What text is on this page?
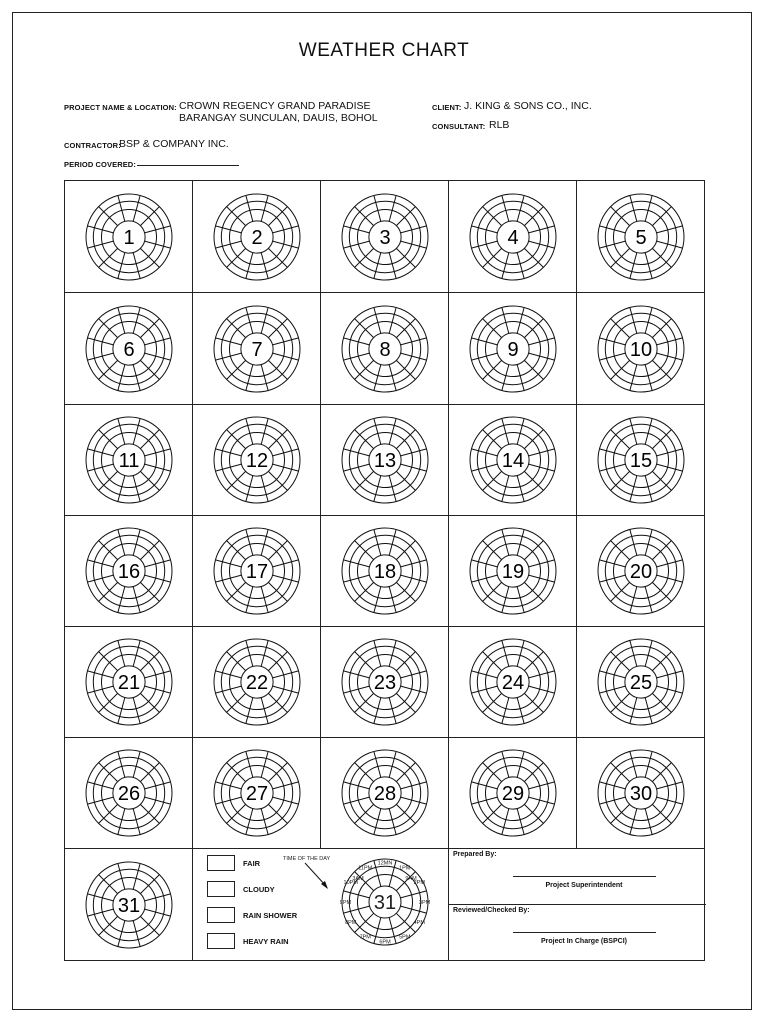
WEATHER CHART
PROJECT NAME & LOCATION: CROWN REGENCY GRAND PARADISE
BARANGAY SUNCULAN, DAUIS, BOHOL
CLIENT: J. KING & SONS CO., INC.
CONSULTANT: RLB
CONTRACTOR:
BSP & COMPANY INC.
PERIOD COVERED:
1	2	3	4	5
6	7	8	9	10
11	12	13	14	15
16	17	18	19	20
21	22	23	24	25
26	27	28	29	30
31
FAIR
CLOUDY
RAIN SHOWER
HEAVY RAIN
31
12MN
1PM
2PM
3PM
4PM
5PM
6PM
7PM
8PM
9PM
10PM
11PM
3AM	9AM
TIME OF THE DAY
Prepared By:
Project Superintendent
Reviewed/Checked By:
Project In Charge (BSPCI)
